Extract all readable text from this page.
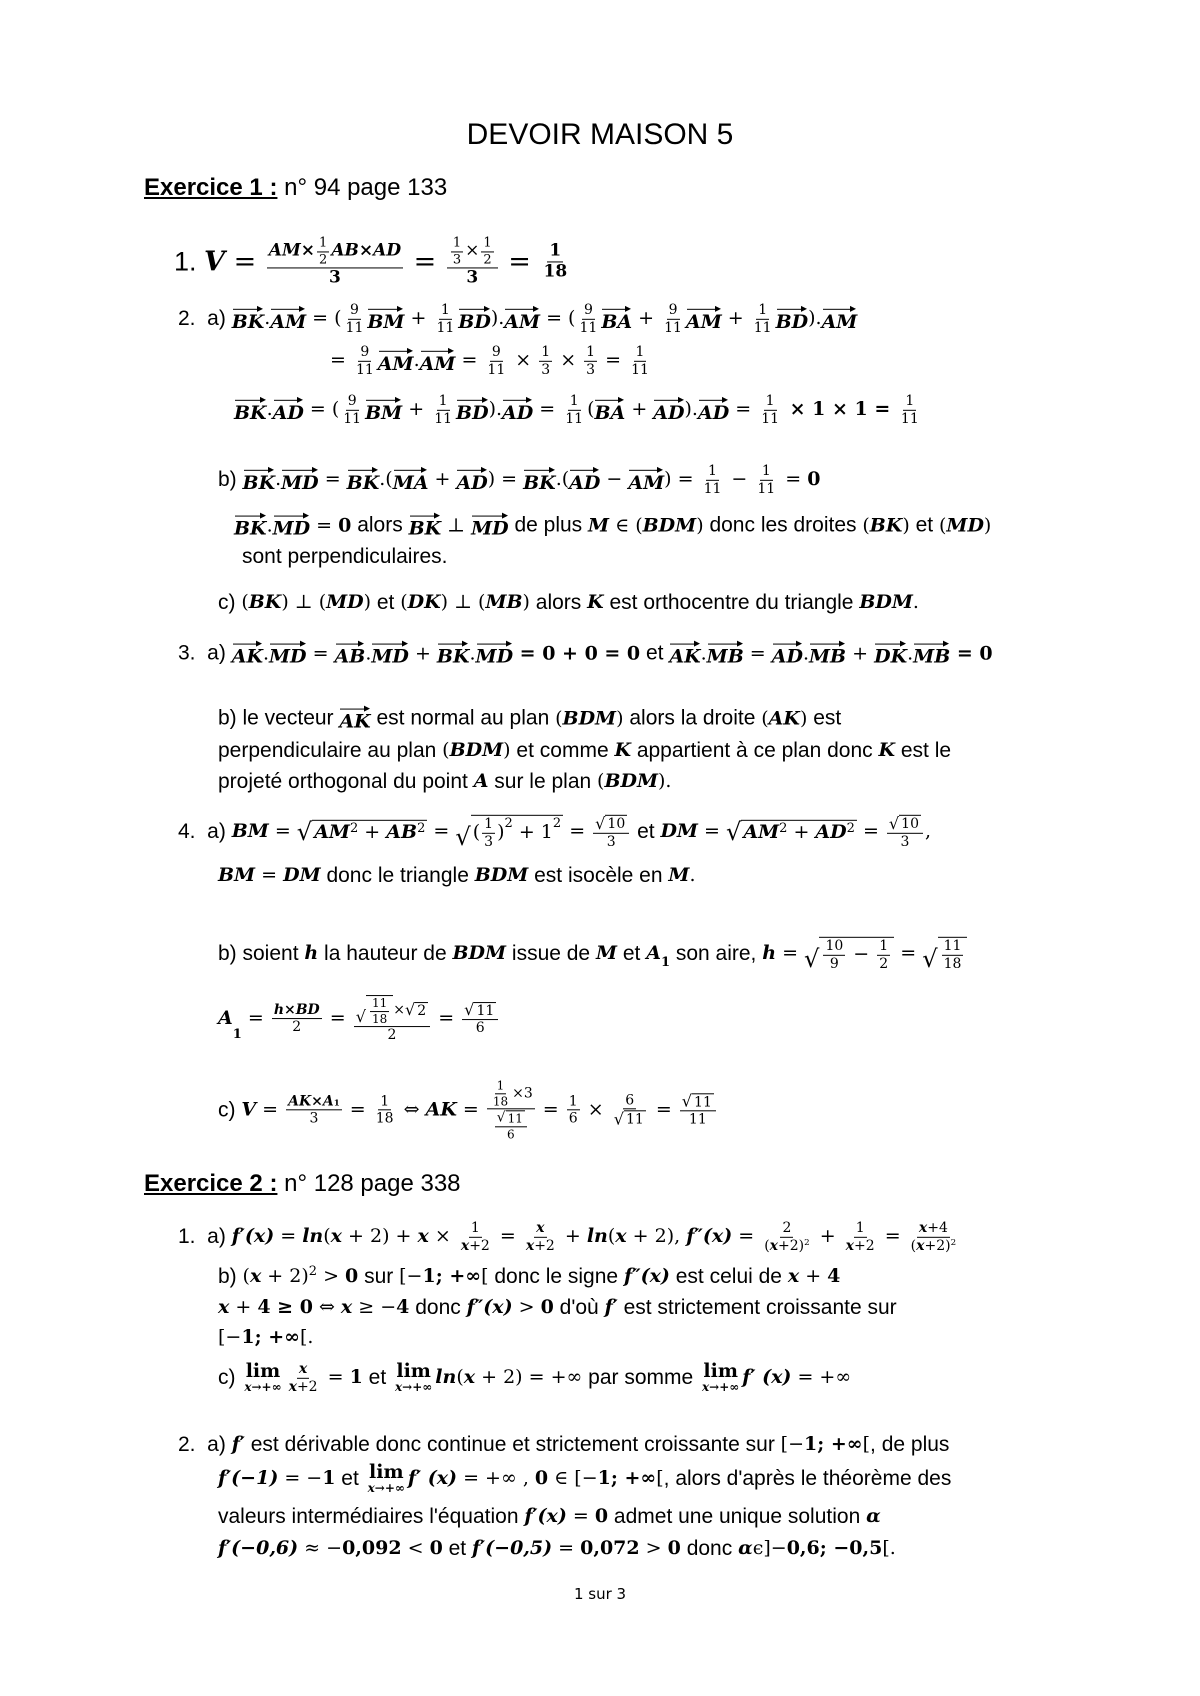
DEVOIR MAISON 5
Exercice 1 : n° 94 page 133
1. $V = \frac{AM\times \frac{1}{2} AB\times AD}{3} = \frac{\frac{1}{3} \times \frac{1}{2}}{3} = \frac{1}{18}$
2.  a) BK . AM = ( $\frac{9}{11}$ BM + $\frac{1}{11}$ BD ). AM = ( $\frac{9}{11}$ BA + $\frac{9}{11}$ AM + $\frac{1}{11}$ BD ). AM
= $\frac{9}{11}$ AM . AM = $\frac{9}{11} \times \frac{1}{3} \times \frac{1}{3} = \frac{1}{11}$
BK . AD = ( $\frac{9}{11}$ BM + $\frac{1}{11}$ BD ). AD = $\frac{1}{11}$ ( BA + AD ). AD = $\frac{1}{11} \times 1 \times 1 = \frac{1}{11}$
b) BK . MD = BK .( MA + AD ) = BK .( AD − AM ) = $\frac{1}{11} - \frac{1}{11} = 0$
BK . MD = 0 alors BK ⊥ MD de plus M ∈ ( BDM ) donc les droites ( BK ) et ( MD )
sont perpendiculaires.
c) ( BK ) ⊥ ( MD ) et ( DK ) ⊥ ( MB ) alors K est orthocentre du triangle BDM .
3.  a) AK . MD = AB . MD + BK . MD = 0 + 0 = 0 et AK . MB = AD . MB + DK . MB = 0
b) le vecteur AK est normal au plan ( BDM ) alors la droite ( AK ) est
perpendiculaire au plan ( BDM ) et comme K appartient à ce plan donc K est le
projeté orthogonal du point A sur le plan ( BDM ).
4.  a) BM = √ AM 2 + AB 2 = √ ( $\frac{1}{3}$ ) 2 + 1 $2 = \frac{√ 10}{3}$ et DM = √ AM 2 + AD $2 = \frac{√ 10}{3}$ ,
BM = DM donc le triangle BDM est isocèle en M .
b) soient h la hauteur de BDM issue de M et A 1 son aire, h = √ $\frac{10}{9} - \frac{1}{2}$ = √ $\frac{11}{18}$
A
1
= $\frac{h\times BD}{2} = \frac{√ \frac{11}{18} \times √ 2}{2} = \frac{√ 11}{6}$
c) $V = \frac{AK\times A 1}{3} = \frac{1}{18}$ ⇔ AK = $\frac{\frac{1}{18} \times 3}{\frac{√ 11}{6}} = \frac{1}{6} \times \frac{6}{√ 11} = \frac{√ 11}{11}$
Exercice 2 : n° 128 page 338
1.  a) f′(x) = ln ( $x + 2) + x \times \frac{1}{x +2} = \frac{x}{x +2} + \ln$ ( x + 2), $f''(x) = \frac{2}{( x +2) 2} + \frac{1}{x +2} = \frac{x +4}{( x +2) 2}$
b) ( x + 2) 2 > 0 sur [− 1; +∞ [ donc le signe f″(x) est celui de x + 4
x + 4 ≥ 0 ⇔ x ≥ − 4 donc f″(x) > 0 d'où f′ est strictement croissante sur
[− 1; +∞ [.
c) lim
$x\to+\infty \frac{x}{x +2} = 1$ et lim
x→+∞ ln ( x + 2) = +∞ par somme lim
x→+∞ f′ (x) = +∞
2.  a) f′ est dérivable donc continue et strictement croissante sur [− 1; +∞ [ , de plus
f′(−1) = − 1 et lim
x→+∞ f′ (x) = +∞ , 0 ∈ [− 1; +∞ [ , alors d'après le théorème des
valeurs intermédiaires l'équation f′(x) = 0 admet une unique solution α
f′(−0,6) ≈ − 0,092 < 0 et f′(−0,5) = 0,072 > 0 donc α ϵ]− 0,6; −0,5 [.
1 sur 3
